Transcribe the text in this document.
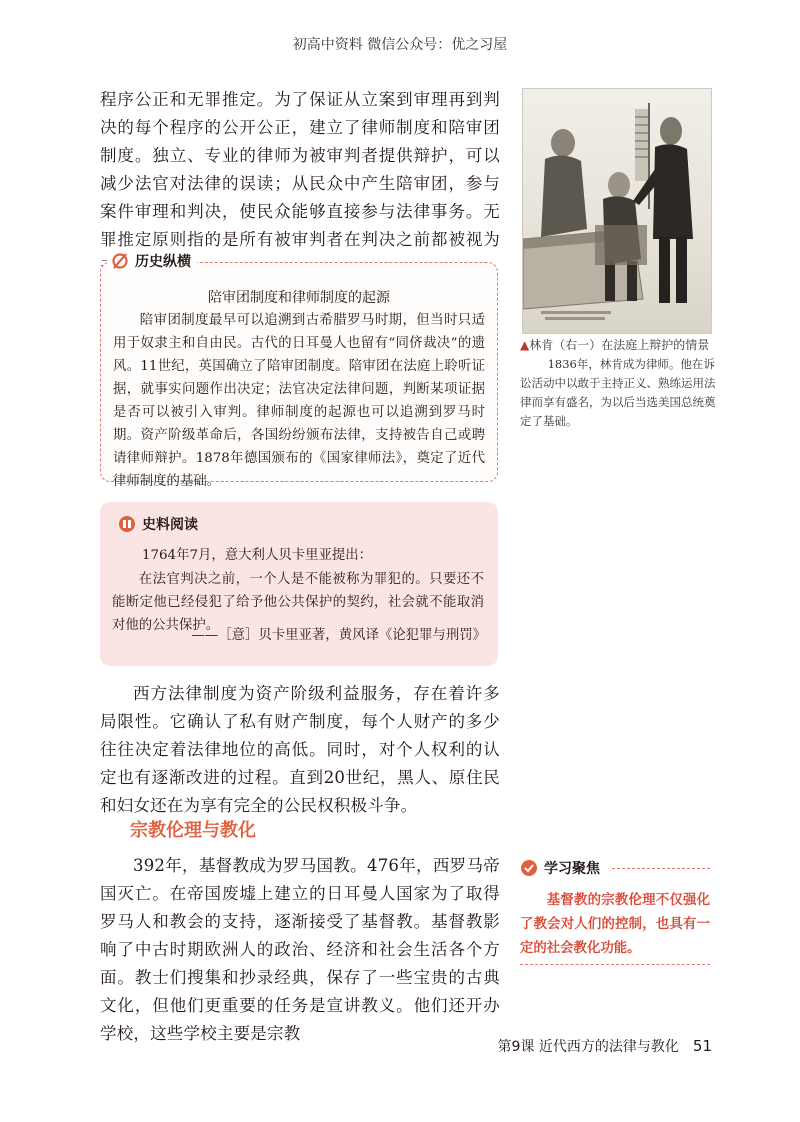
初高中资料 微信公众号：优之习屋

程序公正和无罪推定。为了保证从立案到审理再到判决的每个程序的公开公正，建立了律师制度和陪审团制度。独立、专业的律师为被审判者提供辩护，可以减少法官对法律的误读；从民众中产生陪审团，参与案件审理和判决，使民众能够直接参与法律事务。无罪推定原则指的是所有被审判者在判决之前都被视为

▲林肯（右一）在法庭上辩护的情景
1836年，林肯成为律师。他在诉讼活动中以敢于主持正义、熟练运用法律而享有盛名，为以后当选美国总统奠定了基础。
历史纵横
陪审团制度和律师制度的起源
陪审团制度最早可以追溯到古希腊罗马时期，但当时只适用于奴隶主和自由民。古代的日耳曼人也留有“同侪裁决”的遗风。11世纪，英国确立了陪审团制度。陪审团在法庭上聆听证据，就事实问题作出决定；法官决定法律问题，判断某项证据是否可以被引入审判。律师制度的起源也可以追溯到罗马时期。资产阶级革命后，各国纷纷颁布法律，支持被告自己或聘请律师辩护。1878年德国颁布的《国家律师法》，奠定了近代律师制度的基础。
史料阅读
1764年7月，意大利人贝卡里亚提出：
在法官判决之前，一个人是不能被称为罪犯的。只要还不能断定他已经侵犯了给予他公共保护的契约，社会就不能取消对他的公共保护。
——［意］贝卡里亚著，黄风译《论犯罪与刑罚》

西方法律制度为资产阶级利益服务，存在着许多局限性。它确认了私有财产制度，每个人财产的多少往往决定着法律地位的高低。同时，对个人权利的认定也有逐渐改进的过程。直到20世纪，黑人、原住民和妇女还在为享有完全的公民权积极斗争。

宗教伦理与教化

392年，基督教成为罗马国教。476年，西罗马帝国灭亡。在帝国废墟上建立的日耳曼人国家为了取得罗马人和教会的支持，逐渐接受了基督教。基督教影响了中古时期欧洲人的政治、经济和社会生活各个方面。教士们搜集和抄录经典，保存了一些宝贵的古典文化，但他们更重要的任务是宣讲教义。他们还开办学校，这些学校主要是宗教

学习聚焦
基督教的宗教伦理不仅强化了教会对人们的控制，也具有一定的社会教化功能。
第9课 近代西方的法律与教化 51
